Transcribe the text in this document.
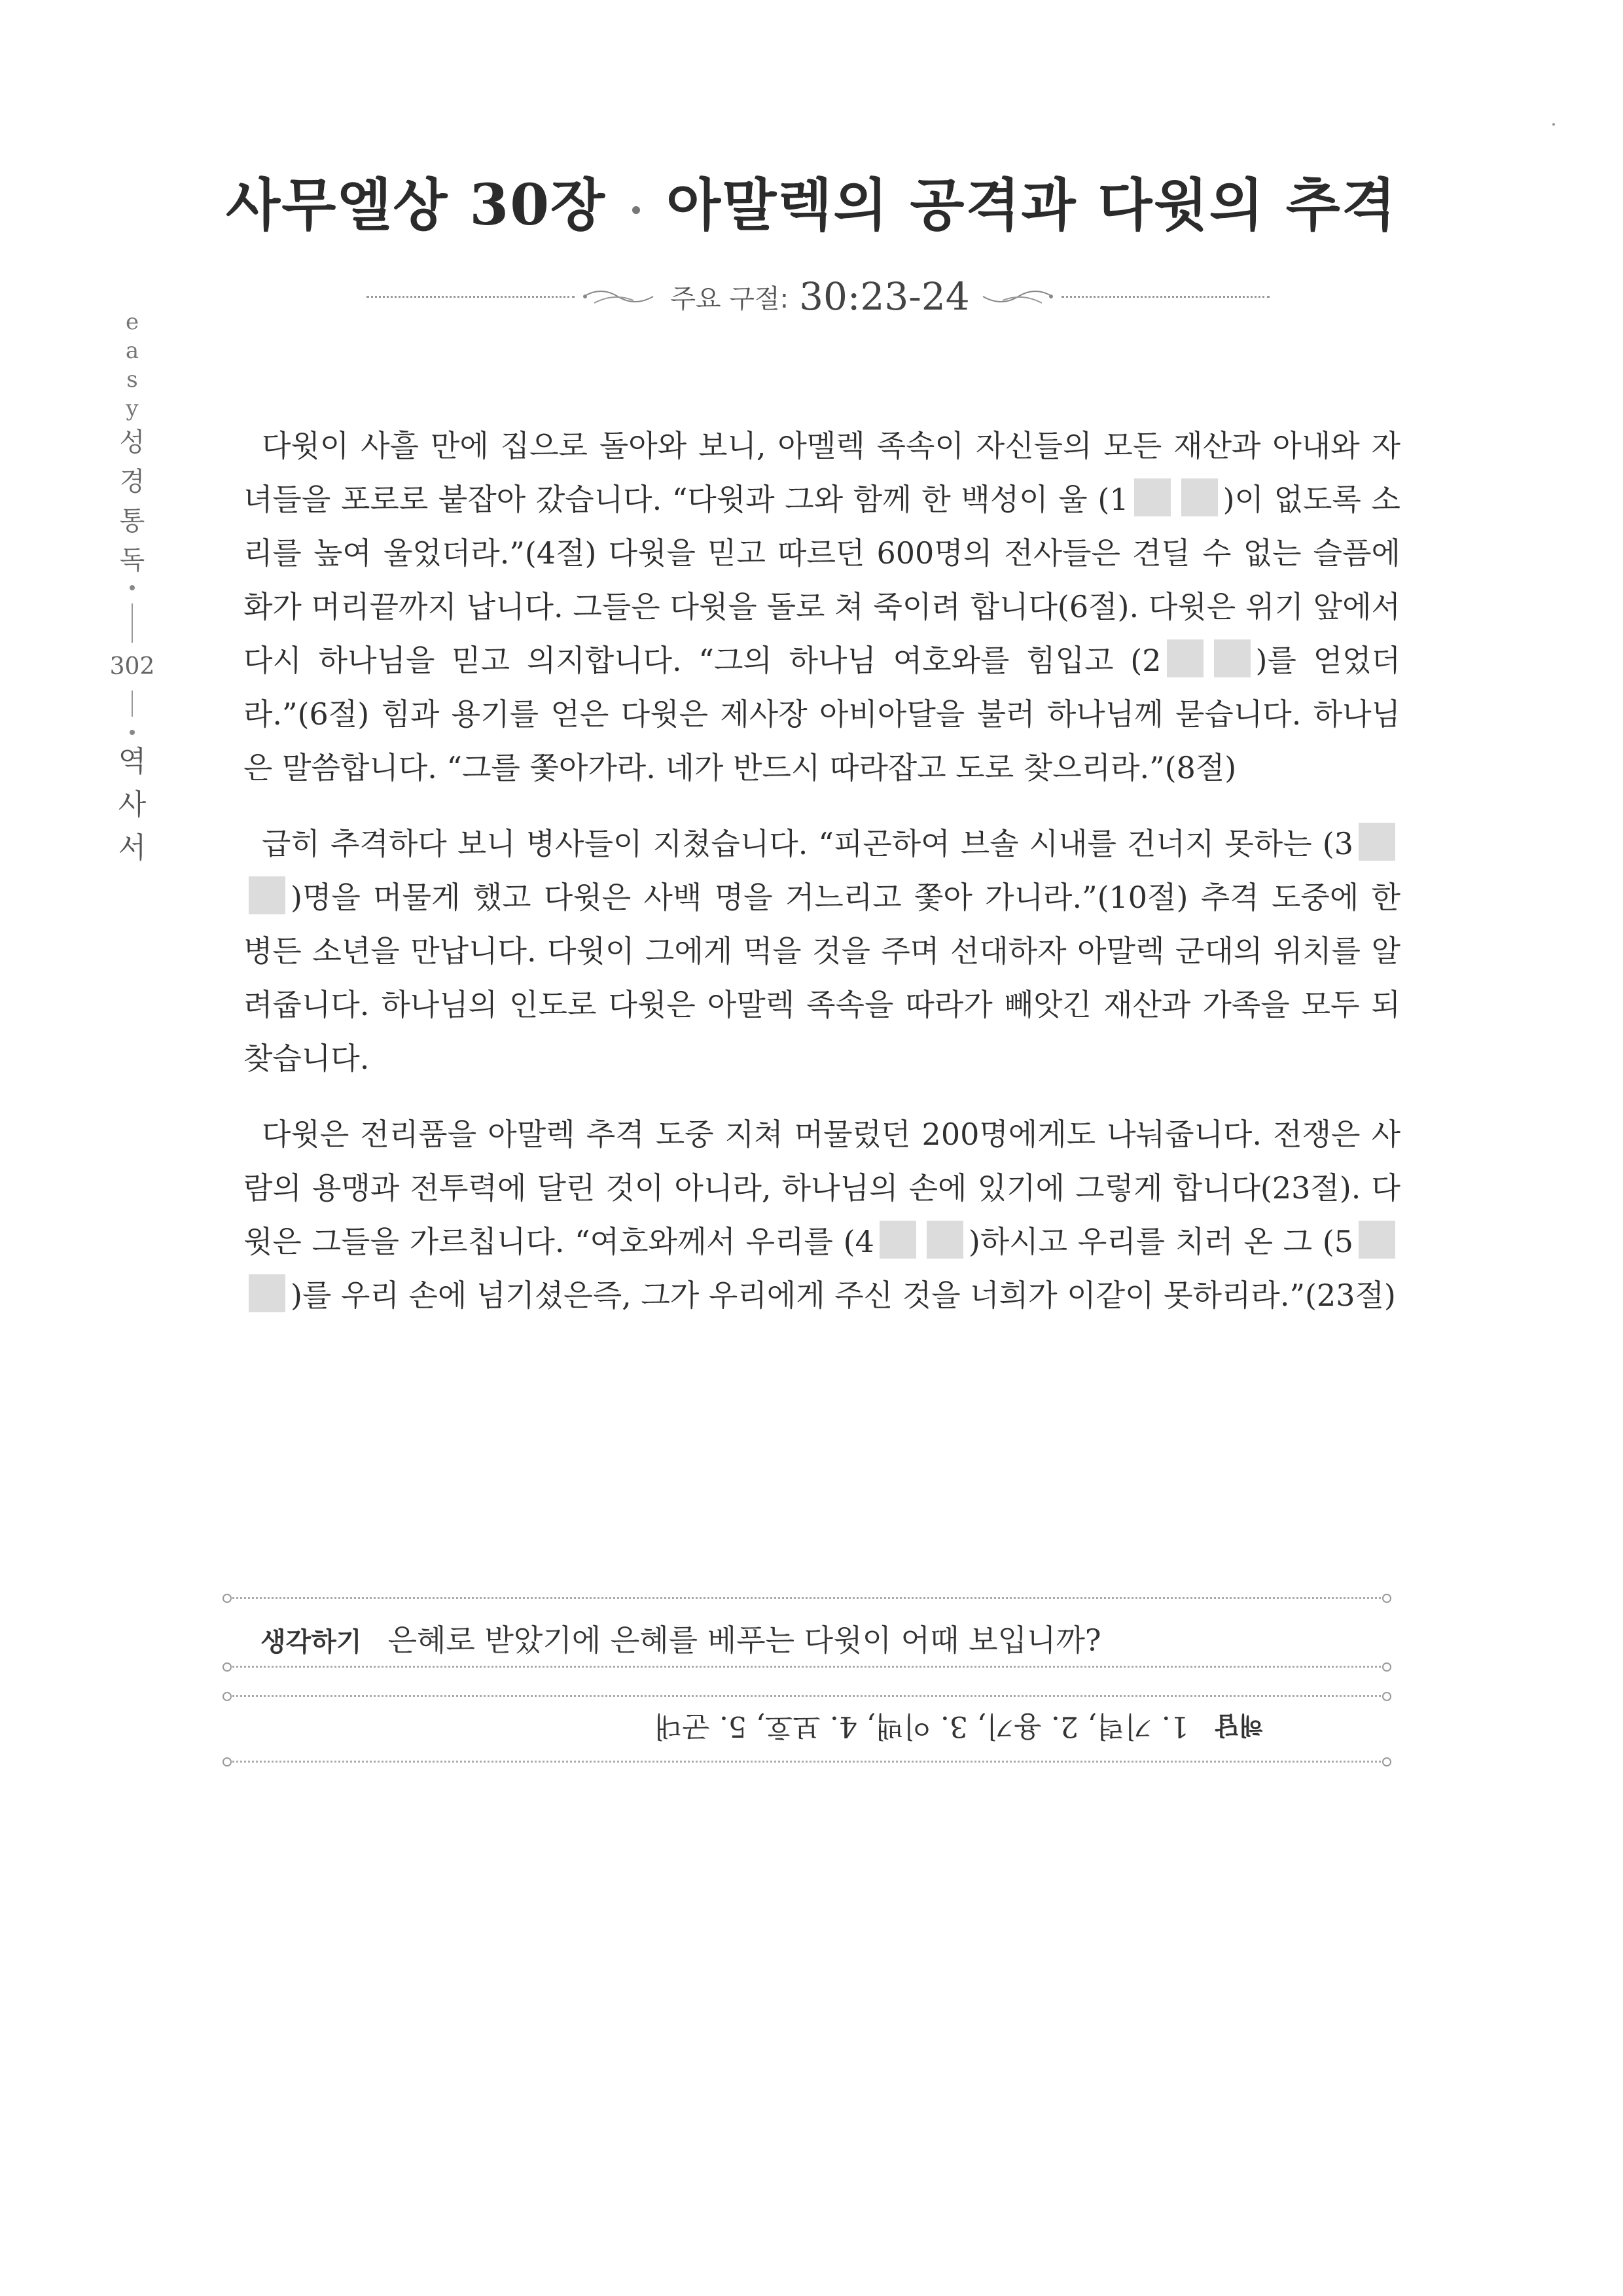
e
a
s
y
성
경
통
독
302
역
사
서
사무엘상 30장 아말렉의 공격과 다윗의 추격
주요 구절: 30:23-24

다윗이 사흘 만에 집으로 돌아와 보니, 아멜렉 족속이 자신들의 모든 재산과 아내와 자녀들을 포로로 붙잡아 갔습니다. “다윗과 그와 함께 한 백성이 울 (1	)이 없도록 소리를 높여 울었더라.”(4절) 다윗을 믿고 따르던 600명의 전사들은 견딜 수 없는 슬픔에 화가 머리끝까지 납니다. 그들은 다윗을 돌로 쳐 죽이려 합니다(6절). 다윗은 위기 앞에서 다시 하나님을 믿고 의지합니다. “그의 하나님 여호와를 힘입고 (2	)를 얻었더라.”(6절) 힘과 용기를 얻은 다윗은 제사장 아비아달을 불러 하나님께 묻습니다. 하나님은 말씀합니다. “그를 쫓아가라. 네가 반드시 따라잡고 도로 찾으리라.”(8절)

급히 추격하다 보니 병사들이 지쳤습니다. “피곤하여 브솔 시내를 건너지 못하는 (3)명을 머물게 했고 다윗은 사백 명을 거느리고 쫓아 가니라.”(10절) 추격 도중에 한 병든 소년을 만납니다. 다윗이 그에게 먹을 것을 주며 선대하자 아말렉 군대의 위치를 알려줍니다. 하나님의 인도로 다윗은 아말렉 족속을 따라가 빼앗긴 재산과 가족을 모두 되찾습니다.

다윗은 전리품을 아말렉 추격 도중 지쳐 머물렀던 200명에게도 나눠줍니다. 전쟁은 사람의 용맹과 전투력에 달린 것이 아니라, 하나님의 손에 있기에 그렇게 합니다(23절). 다윗은 그들을 가르칩니다. “여호와께서 우리를 (4	)하시고 우리를 치러 온 그 (5)를 우리 손에 넘기셨은즉, 그가 우리에게 주신 것을 너희가 이같이 못하리라.”(23절)

생각하기 은혜로 받았기에 은혜를 베푸는 다윗이 어때 보입니까?
해답1. 기력, 2. 용기, 3. 이백, 4. 보호, 5. 군대
